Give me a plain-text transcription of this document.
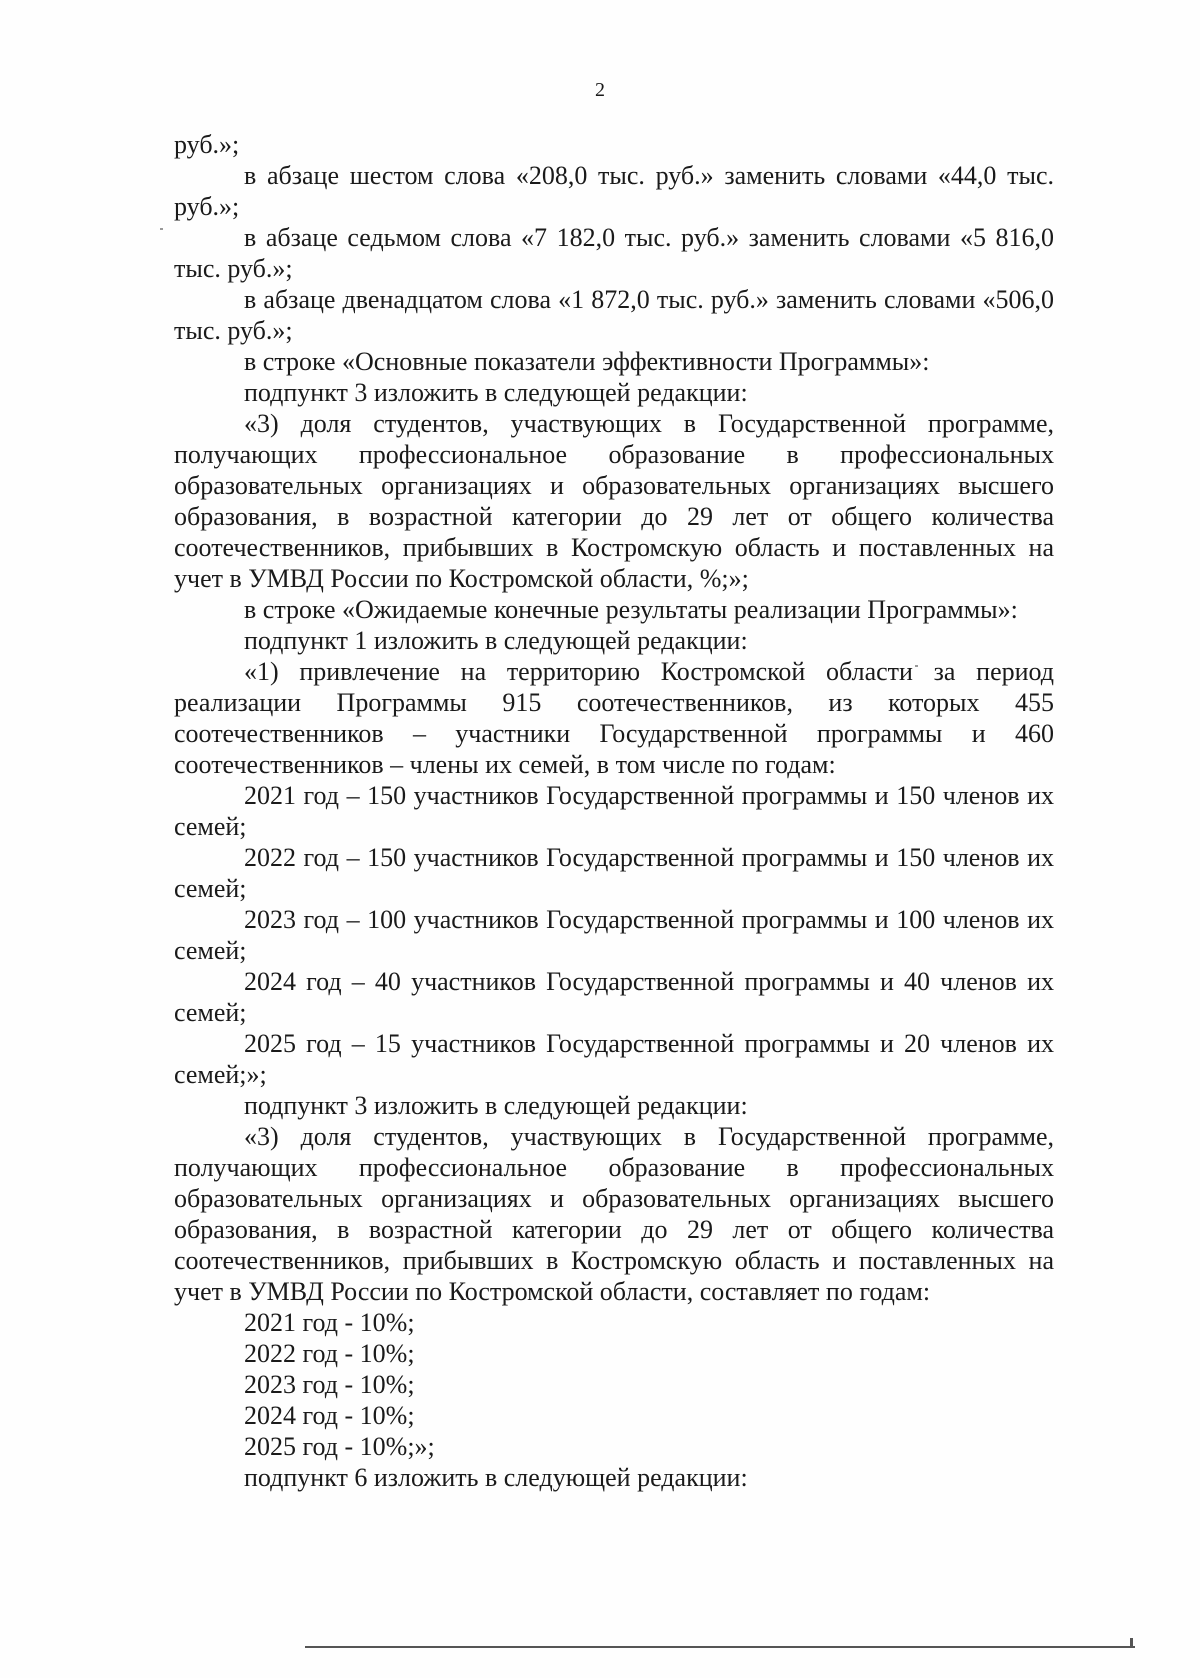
2

руб.»;

в абзаце шестом слова «208,0 тыс. руб.» заменить словами «44,0 тыс. руб.»;

в абзаце седьмом слова «7 182,0 тыс. руб.» заменить словами «5 816,0 тыс. руб.»;

в абзаце двенадцатом слова «1 872,0 тыс. руб.» заменить словами «506,0 тыс. руб.»;

в строке «Основные показатели эффективности Программы»:

подпункт 3 изложить в следующей редакции:

«3) доля студентов, участвующих в Государственной программе, получающих профессиональное образование в профессиональных образовательных организациях и образовательных организациях высшего образования, в возрастной категории до 29 лет от общего количества соотечественников, прибывших в Костромскую область и поставленных на учет в УМВД России по Костромской области, %;»;

в строке «Ожидаемые конечные результаты реализации Программы»:

подпункт 1 изложить в следующей редакции:

«1) привлечение на территорию Костромской области за период реализации Программы 915 соотечественников, из которых 455 соотечественников – участники Государственной программы и 460 соотечественников – члены их семей, в том числе по годам:

2021 год – 150 участников Государственной программы и 150 членов их семей;

2022 год – 150 участников Государственной программы и 150 членов их семей;

2023 год – 100 участников Государственной программы и 100 членов их семей;

2024 год – 40 участников Государственной программы и 40 членов их семей;

2025 год – 15 участников Государственной программы и 20 членов их семей;»;

подпункт 3 изложить в следующей редакции:

«3) доля студентов, участвующих в Государственной программе, получающих профессиональное образование в профессиональных образовательных организациях и образовательных организациях высшего образования, в возрастной категории до 29 лет от общего количества соотечественников, прибывших в Костромскую область и поставленных на учет в УМВД России по Костромской области, составляет по годам:

2021 год - 10%;

2022 год - 10%;

2023 год - 10%;

2024 год - 10%;

2025 год - 10%;»;

подпункт 6 изложить в следующей редакции:
